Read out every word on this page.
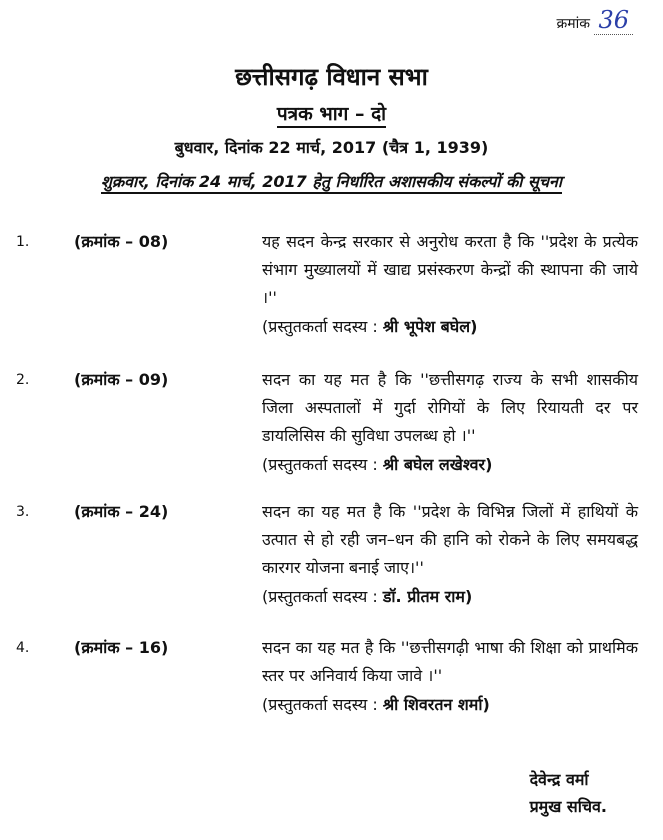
क्रमांक 36
छत्तीसगढ़ विधान सभा
पत्रक भाग – दो
बुधवार, दिनांक 22 मार्च, 2017 (चैत्र 1, 1939)
शुक्रवार, दिनांक 24 मार्च, 2017 हेतु निर्धारित अशासकीय संकल्पों की सूचना
1.	(क्रमांक – 08)	यह सदन केन्द्र सरकार से अनुरोध करता है कि ''प्रदेश के प्रत्येक संभाग मुख्यालयों में खाद्य प्रसंस्करण केन्द्रों की स्थापना की जाये ।''
(प्रस्तुतकर्ता सदस्य : श्री भूपेश बघेल)
2.	(क्रमांक – 09)	सदन का यह मत है कि ''छत्तीसगढ़ राज्य के सभी शासकीय जिला अस्पतालों में गुर्दा रोगियों के लिए रियायती दर पर डायलिसिस की सुविधा उपलब्ध हो ।''
(प्रस्तुतकर्ता सदस्य : श्री बघेल लखेश्वर)
3.	(क्रमांक – 24)	सदन का यह मत है कि ''प्रदेश के विभिन्न जिलों में हाथियों के उत्पात से हो रही जन–धन की हानि को रोकने के लिए समयबद्ध कारगर योजना बनाई जाए।''
(प्रस्तुतकर्ता सदस्य : डॉ. प्रीतम राम)
4.	(क्रमांक – 16)	सदन का यह मत है कि ''छत्तीसगढ़ी भाषा की शिक्षा को प्राथमिक स्तर पर अनिवार्य किया जावे ।''
(प्रस्तुतकर्ता सदस्य : श्री शिवरतन शर्मा)
देवेन्द्र वर्मा
प्रमुख सचिव.
